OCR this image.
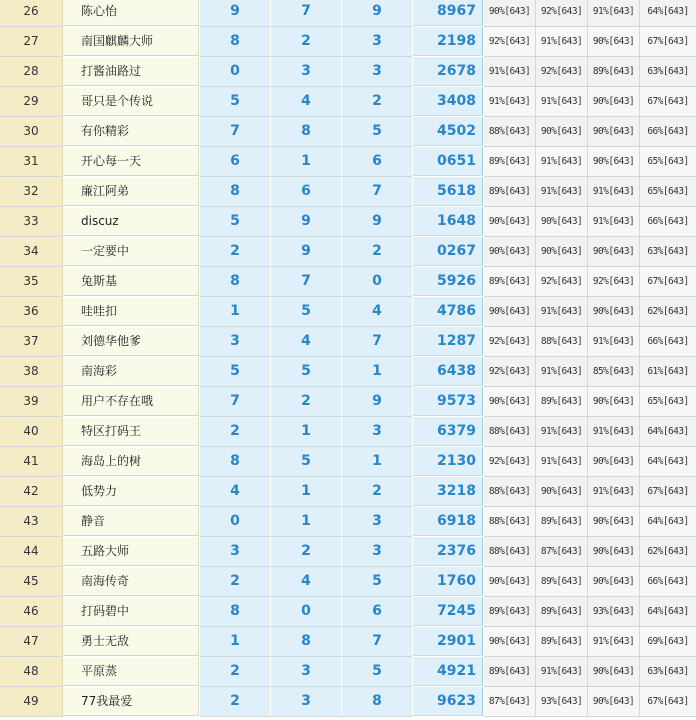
26	陈心怡	9	7	9	8967	90%[643]	92%[643]	91%[643]	64%[643]
27	南国麒麟大师	8	2	3	2198	92%[643]	91%[643]	90%[643]	67%[643]
28	打酱油路过	0	3	3	2678	91%[643]	92%[643]	89%[643]	63%[643]
29	哥只是个传说	5	4	2	3408	91%[643]	91%[643]	90%[643]	67%[643]
30	有你精彩	7	8	5	4502	88%[643]	90%[643]	90%[643]	66%[643]
31	开心每一天	6	1	6	0651	89%[643]	91%[643]	90%[643]	65%[643]
32	廉江阿弟	8	6	7	5618	89%[643]	91%[643]	91%[643]	65%[643]
33	discuz	5	9	9	1648	90%[643]	90%[643]	91%[643]	66%[643]
34	一定要中	2	9	2	0267	90%[643]	90%[643]	90%[643]	63%[643]
35	兔斯基	8	7	0	5926	89%[643]	92%[643]	92%[643]	67%[643]
36	哇哇扣	1	5	4	4786	90%[643]	91%[643]	90%[643]	62%[643]
37	刘德华他爹	3	4	7	1287	92%[643]	88%[643]	91%[643]	66%[643]
38	南海彩	5	5	1	6438	92%[643]	91%[643]	85%[643]	61%[643]
39	用户不存在哦	7	2	9	9573	90%[643]	89%[643]	90%[643]	65%[643]
40	特区打码王	2	1	3	6379	88%[643]	91%[643]	91%[643]	64%[643]
41	海岛上的树	8	5	1	2130	92%[643]	91%[643]	90%[643]	64%[643]
42	低势力	4	1	2	3218	88%[643]	90%[643]	91%[643]	67%[643]
43	静音	0	1	3	6918	88%[643]	89%[643]	90%[643]	64%[643]
44	五路大师	3	2	3	2376	88%[643]	87%[643]	90%[643]	62%[643]
45	南海传奇	2	4	5	1760	90%[643]	89%[643]	90%[643]	66%[643]
46	打码碧中	8	0	6	7245	89%[643]	89%[643]	93%[643]	64%[643]
47	勇士无敌	1	8	7	2901	90%[643]	89%[643]	91%[643]	69%[643]
48	平原蒸	2	3	5	4921	89%[643]	91%[643]	90%[643]	63%[643]
49	77我最爱	2	3	8	9623	87%[643]	93%[643]	90%[643]	67%[643]
